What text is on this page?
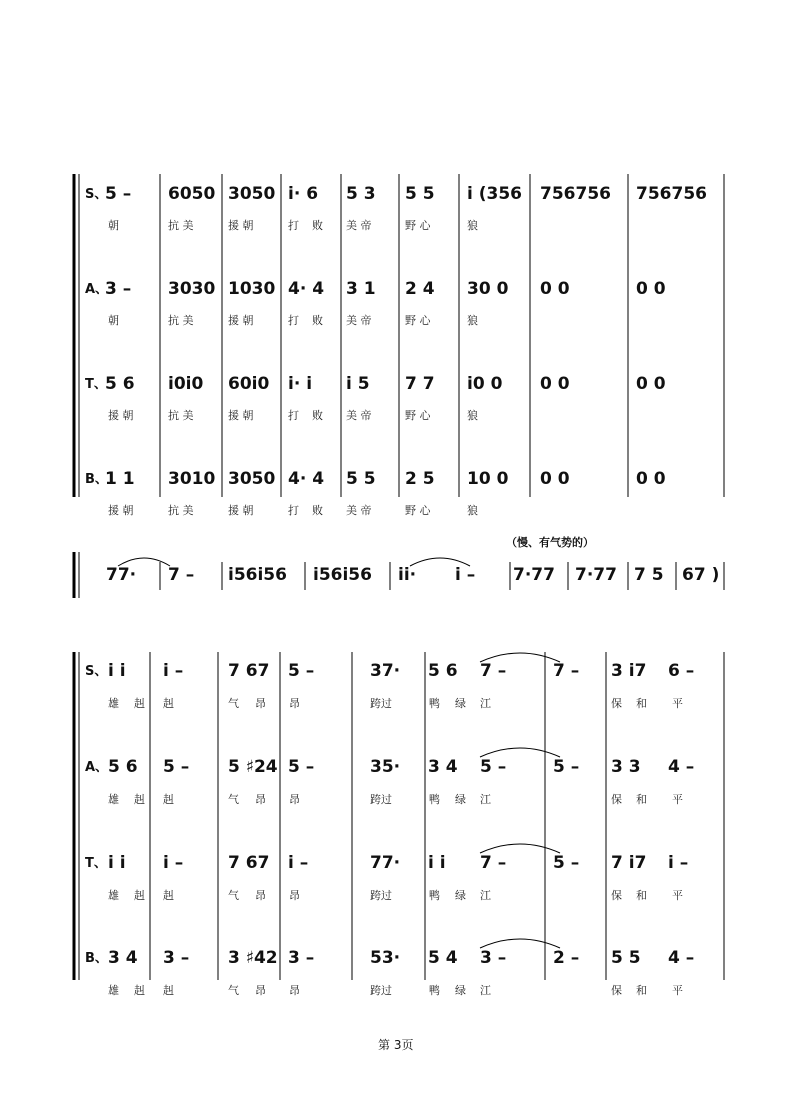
S、
5 – 6050 3050 i· 6 5 3 5 5 i (356 756756 756756
朝	抗 美	援 朝	打 败 美 帝	野 心	狼
A、
3 – 3030 1030 4· 4 3 1 2 4 30 0 0 0	0 0
朝	抗 美	援 朝	打 败 美 帝	野 心	狼
T、
5 6 i0i0 60i0 i· i i 5 7 7 i0 0 0 0	0 0
援 朝	抗 美	援 朝	打 败 美 帝	野 心	狼
B、
1 1 3010 3050 4· 4 5 5 2 5 10 0 0 0	0 0
援 朝	抗 美	援 朝	打 败 美 帝	野 心	狼
77· 7 – i56i56 i56i56 ii· i – 7·77 7·77 7 5 67 )
S、 i i i –	7 67 5 –	37· 5 6 7 –	7 – 3 i7 6 –
雄 赳 赳	气 昂 昂	跨过	鸭 绿 江	保 和 平
A、 5 6 5 – 5 ♯24 5 –	35· 3 4 5 –	5 – 3 3 4 –
雄 赳 赳	气 昂 昂	跨过	鸭 绿 江	保 和 平
T、 i i i –	7 67 i –	77· i i 7 –	5 – 7 i7 i –
雄 赳 赳	气 昂 昂	跨过	鸭 绿 江	保 和 平
B、 3 4 3 – 3 ♯42 3 –	53· 5 4 3 –	2 – 5 5 4 –
雄 赳 赳	气 昂 昂	跨过	鸭 绿 江	保 和 平
（慢、有气势的）
第 3页
